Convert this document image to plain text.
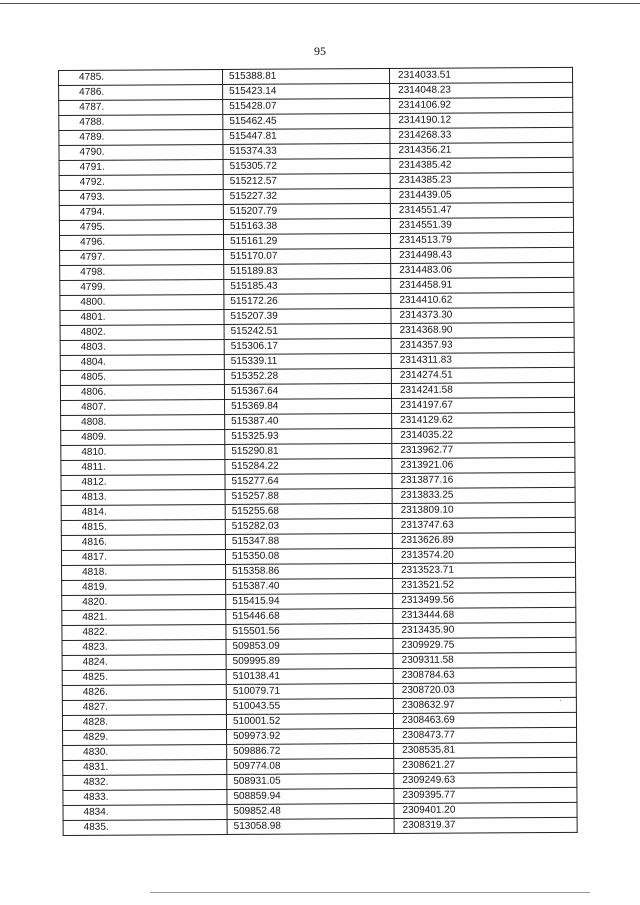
95
4785.	515388.81	2314033.51
4786.	515423.14	2314048.23
4787.	515428.07	2314106.92
4788.	515462.45	2314190.12
4789.	515447.81	2314268.33
4790.	515374.33	2314356.21
4791.	515305.72	2314385.42
4792.	515212.57	2314385.23
4793.	515227.32	2314439.05
4794.	515207.79	2314551.47
4795.	515163.38	2314551.39
4796.	515161.29	2314513.79
4797.	515170.07	2314498.43
4798.	515189.83	2314483.06
4799.	515185.43	2314458.91
4800.	515172.26	2314410.62
4801.	515207.39	2314373.30
4802.	515242.51	2314368.90
4803.	515306.17	2314357.93
4804.	515339.11	2314311.83
4805.	515352.28	2314274.51
4806.	515367.64	2314241.58
4807.	515369.84	2314197.67
4808.	515387.40	2314129.62
4809.	515325.93	2314035.22
4810.	515290.81	2313962.77
4811.	515284.22	2313921.06
4812.	515277.64	2313877.16
4813.	515257.88	2313833.25
4814.	515255.68	2313809.10
4815.	515282.03	2313747.63
4816.	515347.88	2313626.89
4817.	515350.08	2313574.20
4818.	515358.86	2313523.71
4819.	515387.40	2313521.52
4820.	515415.94	2313499.56
4821.	515446.68	2313444.68
4822.	515501.56	2313435.90
4823.	509853.09	2309929.75
4824.	509995.89	2309311.58
4825.	510138.41	2308784.63
4826.	510079.71	2308720.03
4827.	510043.55	2308632.97
4828.	510001.52	2308463.69
4829.	509973.92	2308473.77
4830.	509886.72	2308535.81
4831.	509774.08	2308621.27
4832.	508931.05	2309249.63
4833.	508859.94	2309395.77
4834.	509852.48	2309401.20
4835.	513058.98	2308319.37
